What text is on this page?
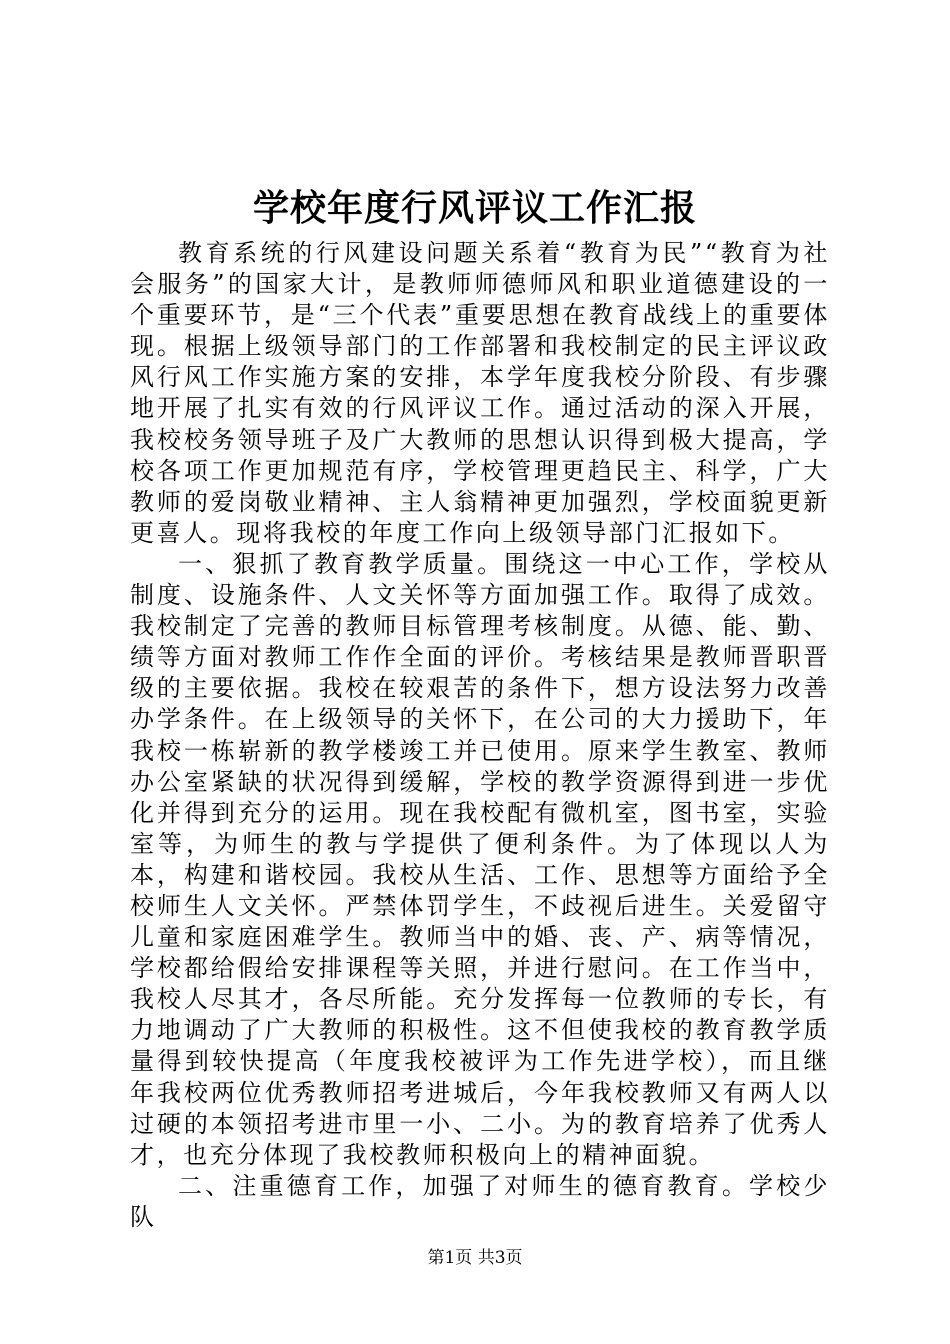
学校年度行风评议工作汇报

教育系统的行风建设问题关系着“教育为民”“教育为社会服务”的国家大计，是教师师德师风和职业道德建设的一个重要环节，是“三个代表”重要思想在教育战线上的重要体现。根据上级领导部门的工作部署和我校制定的民主评议政风行风工作实施方案的安排，本学年度我校分阶段、有步骤地开展了扎实有效的行风评议工作。通过活动的深入开展，我校校务领导班子及广大教师的思想认识得到极大提高，学校各项工作更加规范有序，学校管理更趋民主、科学，广大教师的爱岗敬业精神、主人翁精神更加强烈，学校面貌更新更喜人。现将我校的年度工作向上级领导部门汇报如下。

一、狠抓了教育教学质量。围绕这一中心工作，学校从制度、设施条件、人文关怀等方面加强工作。取得了成效。我校制定了完善的教师目标管理考核制度。从德、能、勤、绩等方面对教师工作作全面的评价。考核结果是教师晋职晋级的主要依据。我校在较艰苦的条件下，想方设法努力改善办学条件。在上级领导的关怀下，在公司的大力援助下，年我校一栋崭新的教学楼竣工并已使用。原来学生教室、教师办公室紧缺的状况得到缓解，学校的教学资源得到进一步优化并得到充分的运用。现在我校配有微机室，图书室，实验室等，为师生的教与学提供了便利条件。为了体现以人为本，构建和谐校园。我校从生活、工作、思想等方面给予全校师生人文关怀。严禁体罚学生，不歧视后进生。关爱留守儿童和家庭困难学生。教师当中的婚、丧、产、病等情况，学校都给假给安排课程等关照，并进行慰问。在工作当中，我校人尽其才，各尽所能。充分发挥每一位教师的专长，有力地调动了广大教师的积极性。这不但使我校的教育教学质量得到较快提高（年度我校被评为工作先进学校），而且继年我校两位优秀教师招考进城后，今年我校教师又有两人以过硬的本领招考进市里一小、二小。为的教育培养了优秀人才，也充分体现了我校教师积极向上的精神面貌。

二、注重德育工作，加强了对师生的德育教育。学校少队

第1页 共3页
